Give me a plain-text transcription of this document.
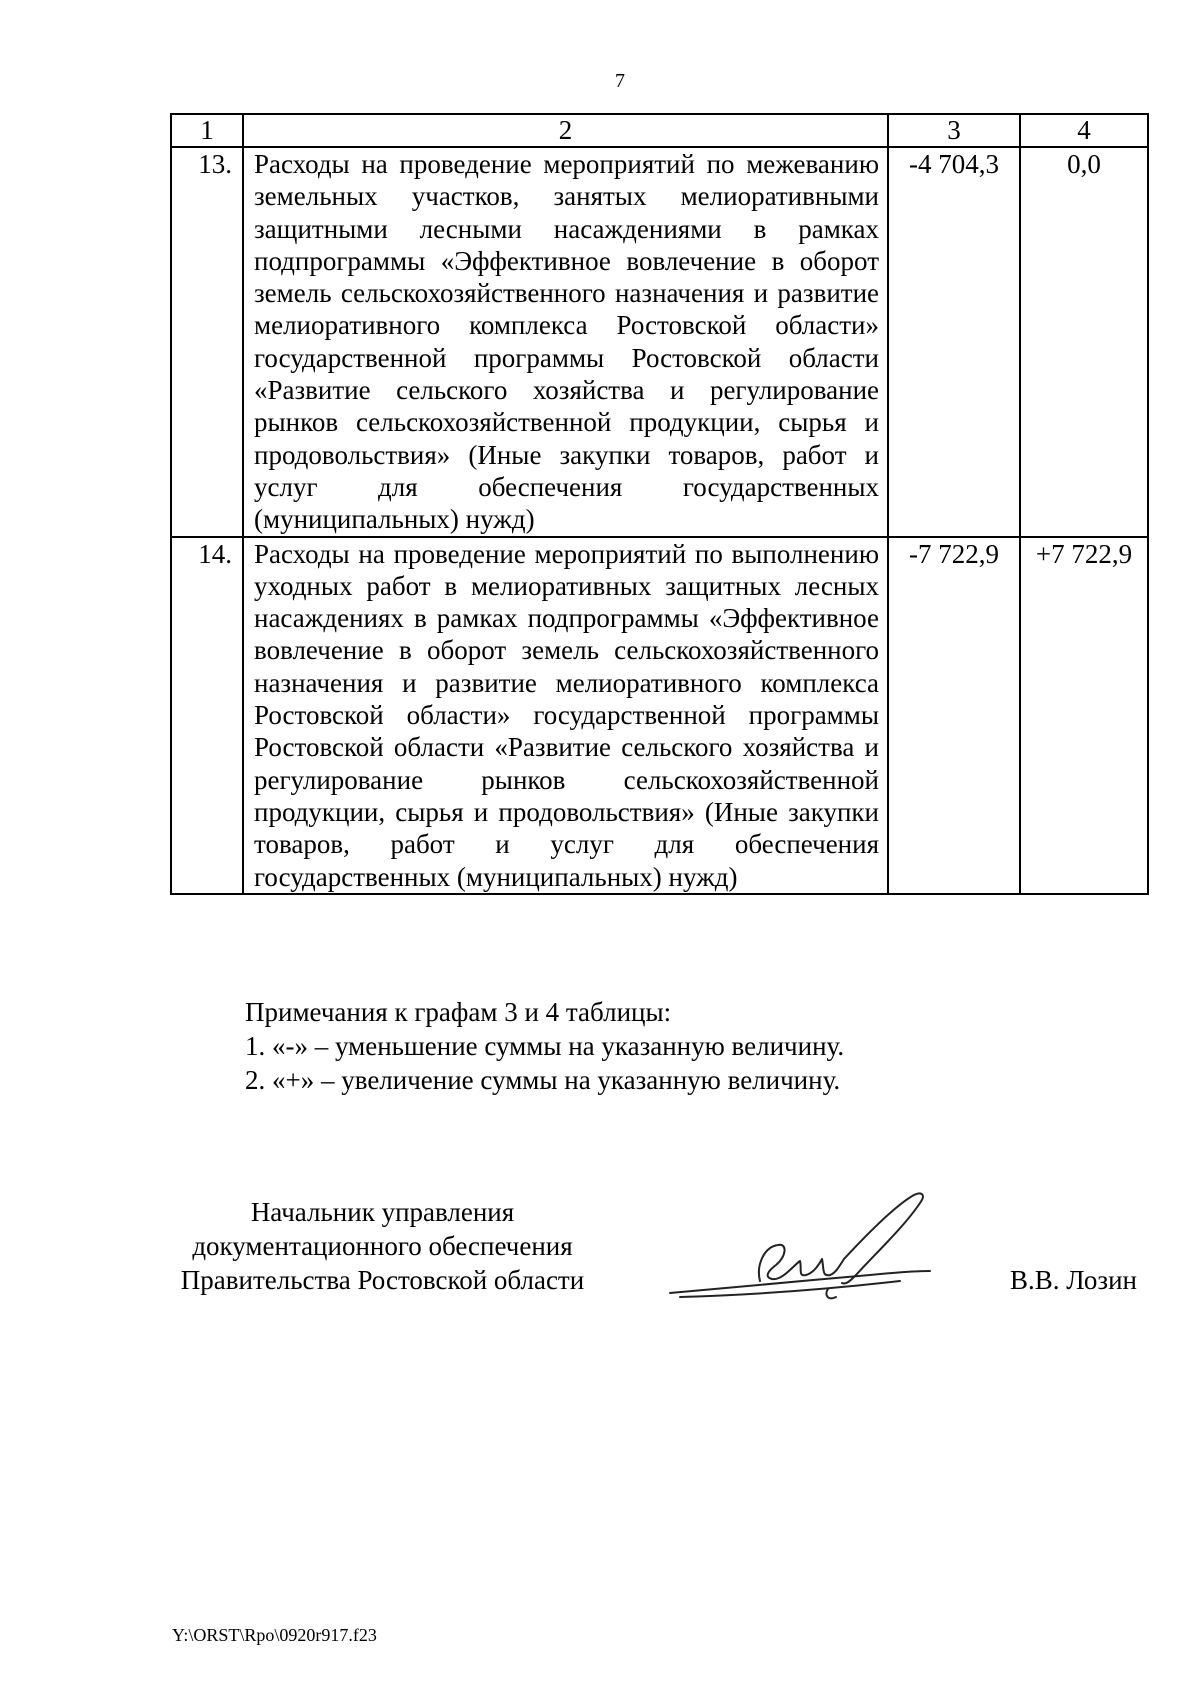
7
1	2	3	4
13.	Расходы на проведение мероприятий по межеванию земельных участков, занятых мелиоративными защитными лесными насаждениями в рамках подпрограммы «Эффективное вовлечение в оборот земель сельскохозяйственного назначения и развитие мелиоративного комплекса Ростовской области» государственной программы Ростовской области «Развитие сельского хозяйства и регулирование рынков сельскохозяйственной продукции, сырья и продовольствия» (Иные закупки товаров, работ и услуг для обеспечения государственных (муниципальных) нужд)	-4 704,3	0,0
14.	Расходы на проведение мероприятий по выполнению уходных работ в мелиоративных защитных лесных насаждениях в рамках подпрограммы «Эффективное вовлечение в оборот земель сельскохозяйственного назначения и развитие мелиоративного комплекса Ростовской области» государственной программы Ростовской области «Развитие сельского хозяйства и регулирование рынков сельскохозяйственной продукции, сырья и продовольствия» (Иные закупки товаров, работ и услуг для обеспечения государственных (муниципальных) нужд)	-7 722,9	+7 722,9
Примечания к графам 3 и 4 таблицы:
1. «-» – уменьшение суммы на указанную величину.
2. «+» – увеличение суммы на указанную величину.
Начальник управления
документационного обеспечения
Правительства Ростовской области	В.В. Лозин
Y:\ORST\Rpo\0920r917.f23
